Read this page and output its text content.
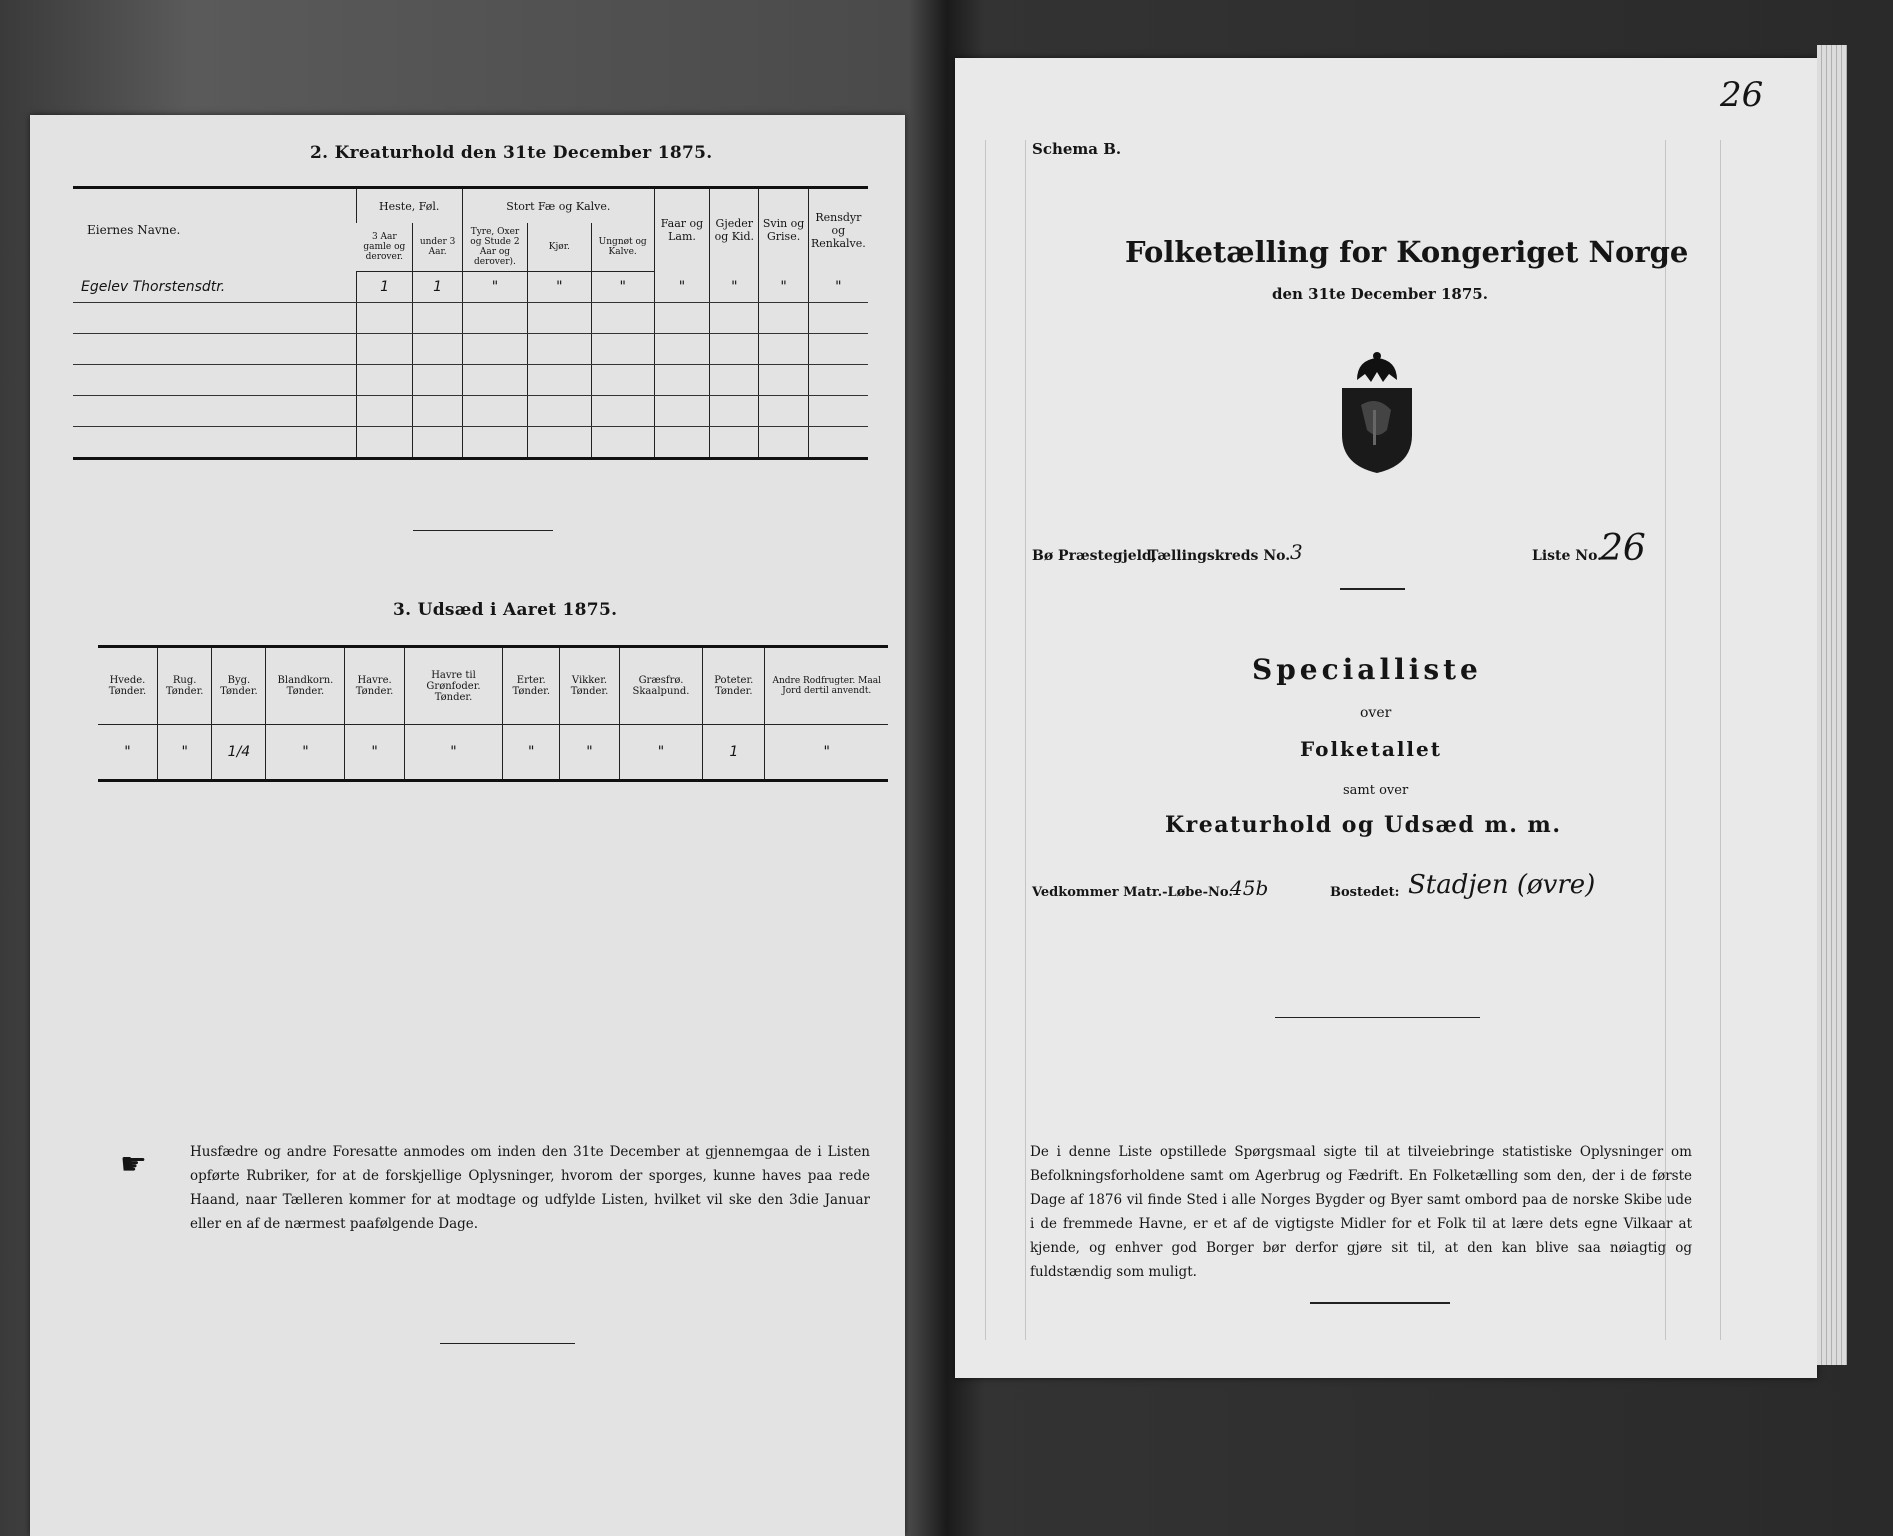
2. Kreaturhold den 31te December 1875.
Eiernes Navne.	Heste, Føl.		Stort Fæ og Kalve.			Faar og Lam.	Gjeder og Kid.	Svin og Grise.	Rensdyr og Renkalve.
	3 Aar gamle og derover.	under 3 Aar.	Tyre, Oxer og Stude 2 Aar og derover).	Kjør.	Ungnøt og Kalve.				
Egelev Thorstensdtr.	1	1	"	"	"	"	"	"	"

3. Udsæd i Aaret 1875.
Hvede. Tønder.	Rug. Tønder.	Byg. Tønder.	Blandkorn. Tønder.	Havre. Tønder.	Havre til Grønfoder. Tønder.	Erter. Tønder.	Vikker. Tønder.	Græsfrø. Skaalpund.	Poteter. Tønder.	Andre Rodfrugter. Maal Jord dertil anvendt.
"	"	1/4	"	"	"	"	"	"	1	"
☛	Husfædre og andre Foresatte anmodes om inden den 31te December at gjennemgaa de i Listen opførte Rubriker, for at de forskjellige Oplysninger, hvorom der sporges, kunne haves paa rede Haand, naar Tælleren kommer for at modtage og udfylde Listen, hvilket vil ske den 3die Januar eller en af de nærmest paafølgende Dage.
26
Schema B.
Folketælling for Kongeriget Norge
den 31te December 1875.
Bø Præstegjeld,
Tællingskreds No. 3	Liste No.
26
Specialliste
over
Folketallet
samt over
Kreaturhold og Udsæd m. m.
Vedkommer Matr.-Løbe-No.
45b	Bostedet: Stadjen (øvre)
De i denne Liste opstillede Spørgsmaal sigte til at tilveiebringe statistiske Oplysninger om Befolkningsforholdene samt om Agerbrug og Fædrift. En Folketælling som den, der i de første Dage af 1876 vil finde Sted i alle Norges Bygder og Byer samt ombord paa de norske Skibe ude i de fremmede Havne, er et af de vigtigste Midler for et Folk til at lære dets egne Vilkaar at kjende, og enhver god Borger bør derfor gjøre sit til, at den kan blive saa nøiagtig og fuldstændig som muligt.
